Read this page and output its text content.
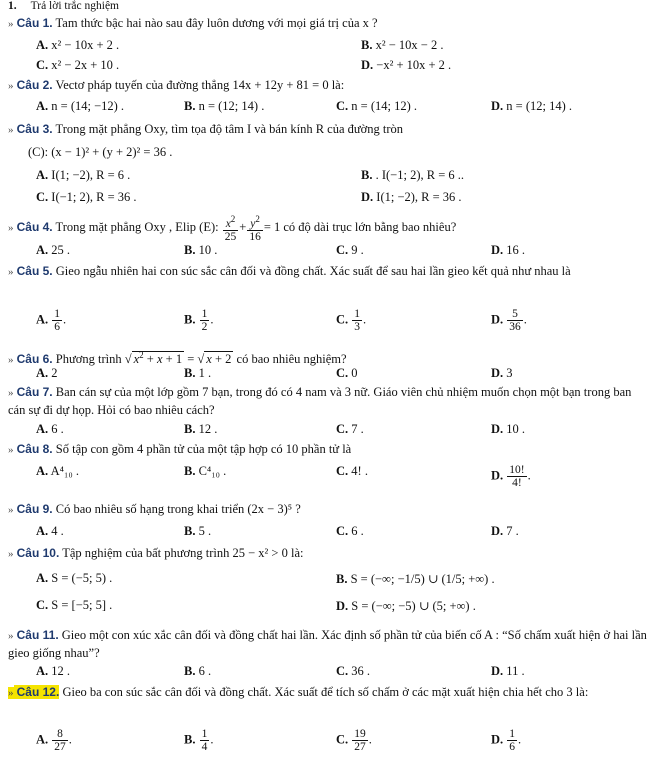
1. Trả lời trắc nghiệm
» Câu 1. Tam thức bậc hai nào sau đây luôn dương với mọi giá trị của x ?
A. x² − 10x + 2 .	B. x² − 10x − 2 .
C. x² − 2x + 10 .	D. −x² + 10x + 2 .
» Câu 2. Vectơ pháp tuyến của đường thẳng 14x + 12y + 81 = 0 là:
A. n = (14; −12) .	B. n = (12; 14) .	C. n = (14; 12) .	D. n = (12; 14) .
» Câu 3. Trong mặt phẳng Oxy, tìm tọa độ tâm I và bán kính R của đường tròn
(C): (x − 1)² + (y + 2)² = 36 .
A. I(1; −2), R = 6 .	B. . I(−1; 2), R = 6 ..
C. I(−1; 2), R = 36 .	D. I(1; −2), R = 36 .
» Câu 4. Trong mặt phẳng Oxy , Elip (E): $\frac{x^2}{25} + \frac{y^2}{16} = 1$ có độ dài trục lớn bằng bao nhiêu?
A. 25 .	B. 10 .	C. 9 .	D. 16 .
» Câu 5. Gieo ngẫu nhiên hai con súc sắc cân đối và đồng chất. Xác suất để sau hai lần gieo kết quả như nhau là
A. $\frac{1}{6}$ .	B. $\frac{1}{2}$ .	C. $\frac{1}{3}$ .	D. $\frac{5}{36}$ .
» Câu 6. Phương trình √ $x^2 + x + 1$ = √ x + 2 có bao nhiêu nghiệm?
A. 2	B. 1 .	C. 0	D. 3
» Câu 7. Ban cán sự của một lớp gồm 7 bạn, trong đó có 4 nam và 3 nữ. Giáo viên chủ nhiệm muốn chọn một bạn trong ban cán sự đi dự họp. Hỏi có bao nhiêu cách?
A. 6 .	B. 12 .	C. 7 .	D. 10 .
» Câu 8. Số tập con gồm 4 phần tử của một tập hợp có 10 phần tử là
A. A⁴₁₀ .	B. C⁴₁₀ .	C. 4! .	D. $\frac{10!}{4!}$ .
» Câu 9. Có bao nhiêu số hạng trong khai triển (2x − 3)⁵ ?
A. 4 .	B. 5 .	C. 6 .	D. 7 .
» Câu 10. Tập nghiệm của bất phương trình 25 − x² > 0 là:
A. S = (−5; 5) .	B. S = (−∞; −1/5) ∪ (1/5; +∞) .
C. S = [−5; 5] .	D. S = (−∞; −5) ∪ (5; +∞) .
» Câu 11. Gieo một con xúc xắc cân đối và đồng chất hai lần. Xác định số phần tử của biến cố A : “Số chấm xuất hiện ở hai lần gieo giống nhau”?
A. 12 .	B. 6 .	C. 36 .	D. 11 .
» Câu 12. Gieo ba con súc sắc cân đối và đồng chất. Xác suất để tích số chấm ở các mặt xuất hiện chia hết cho 3 là:
A. $\frac{8}{27}$ .	B. $\frac{1}{4}$ .	C. $\frac{19}{27}$ .	D. $\frac{1}{6}$ .
